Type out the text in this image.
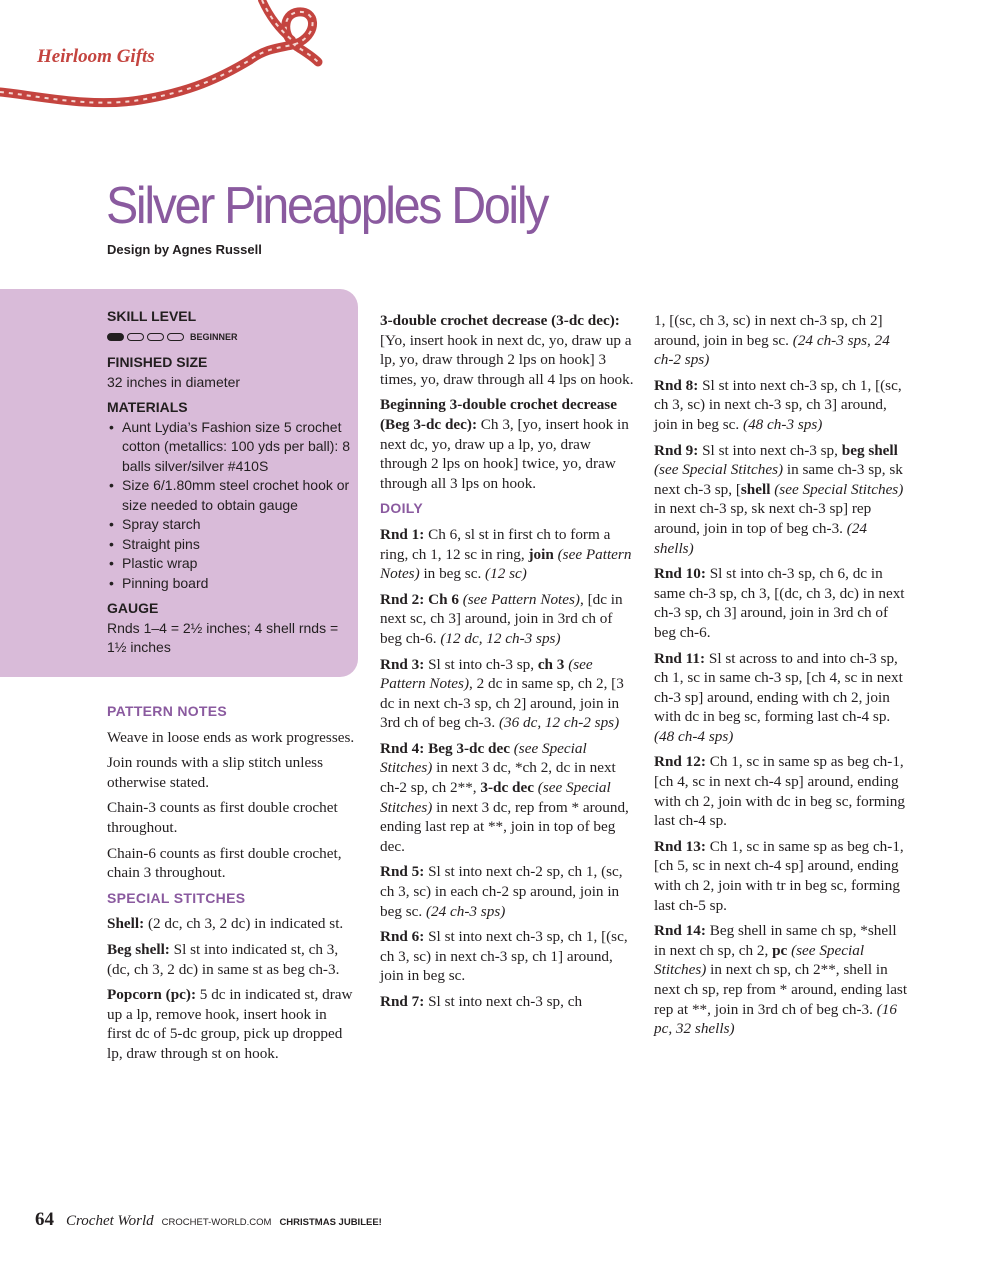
Heirloom Gifts
Silver Pineapples Doily
Design by Agnes Russell
SKILL LEVEL
BEGINNER
FINISHED SIZE
32 inches in diameter
MATERIALS
• Aunt Lydia’s Fashion size 5 crochet cotton (metallics: 100 yds per ball): 8 balls silver/silver #410S
• Size 6/1.80mm steel crochet hook or size needed to obtain gauge
• Spray starch
• Straight pins
• Plastic wrap
• Pinning board
GAUGE
Rnds 1–4 = 2½ inches; 4 shell rnds = 1½ inches
PATTERN NOTES

Weave in loose ends as work progresses.

Join rounds with a slip stitch unless otherwise stated.

Chain-3 counts as first double crochet throughout.

Chain-6 counts as first double crochet, chain 3 throughout.

SPECIAL STITCHES

Shell: (2 dc, ch 3, 2 dc) in indicated st.

Beg shell: Sl st into indicated st, ch 3, (dc, ch 3, 2 dc) in same st as beg ch-3.

Popcorn (pc): 5 dc in indicated st, draw up a lp, remove hook, insert hook in first dc of 5-dc group, pick up dropped lp, draw through st on hook.

3-double crochet decrease (3-dc dec): [Yo, insert hook in next dc, yo, draw up a lp, yo, draw through 2 lps on hook] 3 times, yo, draw through all 4 lps on hook.

Beginning 3-double crochet decrease (Beg 3-dc dec): Ch 3, [yo, insert hook in next dc, yo, draw up a lp, yo, draw through 2 lps on hook] twice, yo, draw through all 3 lps on hook.

DOILY

Rnd 1: Ch 6, sl st in first ch to form a ring, ch 1, 12 sc in ring, join (see Pattern Notes) in beg sc. (12 sc)

Rnd 2: Ch 6 (see Pattern Notes), [dc in next sc, ch 3] around, join in 3rd ch of beg ch-6. (12 dc, 12 ch-3 sps)

Rnd 3: Sl st into ch-3 sp, ch 3 (see Pattern Notes), 2 dc in same sp, ch 2, [3 dc in next ch-3 sp, ch 2] around, join in 3rd ch of beg ch-3. (36 dc, 12 ch-2 sps)

Rnd 4: Beg 3-dc dec (see Special Stitches) in next 3 dc, *ch 2, dc in next ch-2 sp, ch 2**, 3-dc dec (see Special Stitches) in next 3 dc, rep from * around, ending last rep at **, join in top of beg dec.

Rnd 5: Sl st into next ch-2 sp, ch 1, (sc, ch 3, sc) in each ch-2 sp around, join in beg sc. (24 ch-3 sps)

Rnd 6: Sl st into next ch-3 sp, ch 1, [(sc, ch 3, sc) in next ch-3 sp, ch 1] around, join in beg sc.

Rnd 7: Sl st into next ch-3 sp, ch

1, [(sc, ch 3, sc) in next ch-3 sp, ch 2] around, join in beg sc. (24 ch-3 sps, 24 ch-2 sps)

Rnd 8: Sl st into next ch-3 sp, ch 1, [(sc, ch 3, sc) in next ch-3 sp, ch 3] around, join in beg sc. (48 ch-3 sps)

Rnd 9: Sl st into next ch-3 sp, beg shell (see Special Stitches) in same ch-3 sp, sk next ch-3 sp, [shell (see Special Stitches) in next ch-3 sp, sk next ch-3 sp] rep around, join in top of beg ch-3. (24 shells)

Rnd 10: Sl st into ch-3 sp, ch 6, dc in same ch-3 sp, ch 3, [(dc, ch 3, dc) in next ch-3 sp, ch 3] around, join in 3rd ch of beg ch-6.

Rnd 11: Sl st across to and into ch-3 sp, ch 1, sc in same ch-3 sp, [ch 4, sc in next ch-3 sp] around, ending with ch 2, join with dc in beg sc, forming last ch-4 sp. (48 ch-4 sps)

Rnd 12: Ch 1, sc in same sp as beg ch-1, [ch 4, sc in next ch-4 sp] around, ending with ch 2, join with dc in beg sc, forming last ch-4 sp.

Rnd 13: Ch 1, sc in same sp as beg ch-1, [ch 5, sc in next ch-4 sp] around, ending with ch 2, join with tr in beg sc, forming last ch-5 sp.

Rnd 14: Beg shell in same ch sp, *shell in next ch sp, ch 2, pc (see Special Stitches) in next ch sp, ch 2**, shell in next ch sp, rep from * around, ending last rep at **, join in 3rd ch of beg ch-3. (16 pc, 32 shells)

64 Crochet World CROCHET-WORLD.COM CHRISTMAS JUBILEE!
